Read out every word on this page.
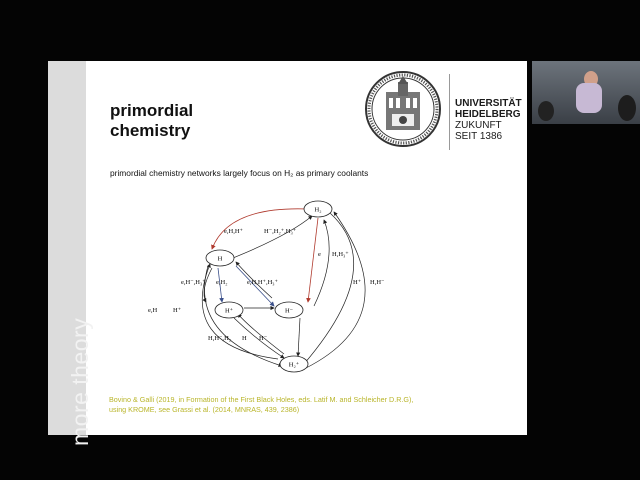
more theory
primordial
chemistry
UNIVERSITÄT
HEIDELBERG
ZUKUNFT
SEIT 1386
primordial chemistry networks largely focus on H₂ as primary coolants
H₂
H
H⁺	H⁻
H₂⁺
e,H,H⁺	H⁻,H₂⁺,H₃⁺
e H,H₃⁺
e,H⁻,H₃⁺ e,H₂	e,H,H⁺,H₃⁺
e,H H⁺
H⁺ H,H⁻
H,H⁻,H₂ H H⁻
Bovino & Galli (2019, in Formation of the First Black Holes, eds. Latif M. and Schleicher D.R.G),
using KROME, see Grassi et al. (2014, MNRAS, 439, 2386)
